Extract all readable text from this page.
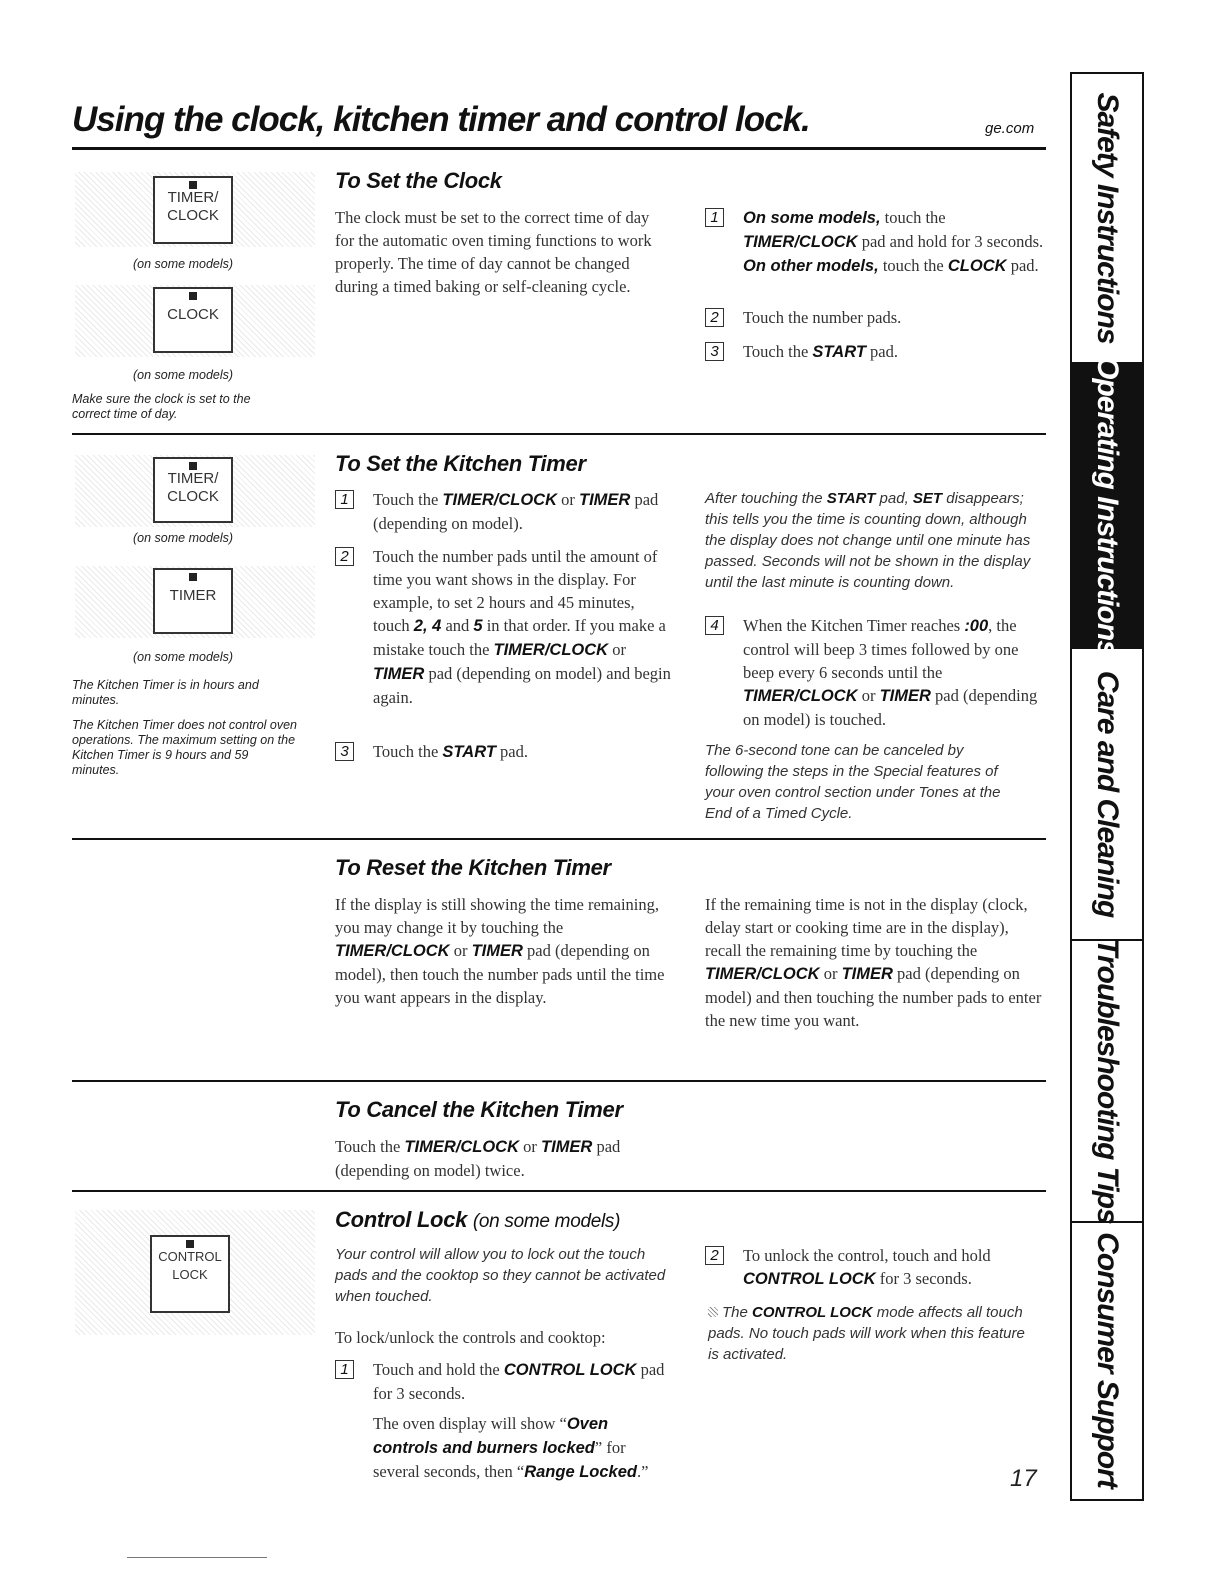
Using the clock, kitchen timer and control lock.	ge.com
TIMER/
CLOCK
(on some models)
CLOCK
(on some models)
Make sure the clock is set to the correct time of day.
To Set the Clock
The clock must be set to the correct time of day for the automatic oven timing functions to work properly. The time of day cannot be changed during a timed baking or self-cleaning cycle.
1	On some models, touch the TIMER/CLOCK pad and hold for 3 seconds. On other models, touch the CLOCK pad.
2	Touch the number pads.
3	Touch the START pad.
TIMER/
CLOCK
(on some models)
TIMER
(on some models)
The Kitchen Timer is in hours and minutes.
The Kitchen Timer does not control oven operations. The maximum setting on the Kitchen Timer is 9 hours and 59 minutes.
To Set the Kitchen Timer
1	Touch the TIMER/CLOCK or TIMER pad (depending on model).
2	Touch the number pads until the amount of time you want shows in the display. For example, to set 2 hours and 45 minutes, touch 2, 4 and 5 in that order. If you make a mistake touch the TIMER/CLOCK or TIMER pad (depending on model) and begin again.
3	Touch the START pad.
After touching the START pad, SET disappears; this tells you the time is counting down, although the display does not change until one minute has passed. Seconds will not be shown in the display until the last minute is counting down.
4	When the Kitchen Timer reaches :00, the control will beep 3 times followed by one beep every 6 seconds until the TIMER/CLOCK or TIMER pad (depending on model) is touched.
The 6-second tone can be canceled by following the steps in the Special features of your oven control section under Tones at the End of a Timed Cycle.
To Reset the Kitchen Timer
If the display is still showing the time remaining, you may change it by touching the TIMER/CLOCK or TIMER pad (depending on model), then touch the number pads until the time you want appears in the display.
If the remaining time is not in the display (clock, delay start or cooking time are in the display), recall the remaining time by touching the TIMER/CLOCK or TIMER pad (depending on model) and then touching the number pads to enter the new time you want.
To Cancel the Kitchen Timer
Touch the TIMER/CLOCK or TIMER pad (depending on model) twice.
CONTROL
LOCK
Control Lock (on some models)
Your control will allow you to lock out the touch pads and the cooktop so they cannot be activated when touched.
To lock/unlock the controls and cooktop:
1	Touch and hold the CONTROL LOCK pad for 3 seconds.
The oven display will show “Oven controls and burners locked” for several seconds, then “Range Locked.”
2	To unlock the control, touch and hold CONTROL LOCK for 3 seconds.
The CONTROL LOCK mode affects all touch pads. No touch pads will work when this feature is activated.
17
Safety Instructions
Operating Instructions
Care and Cleaning
Troubleshooting Tips
Consumer Support
